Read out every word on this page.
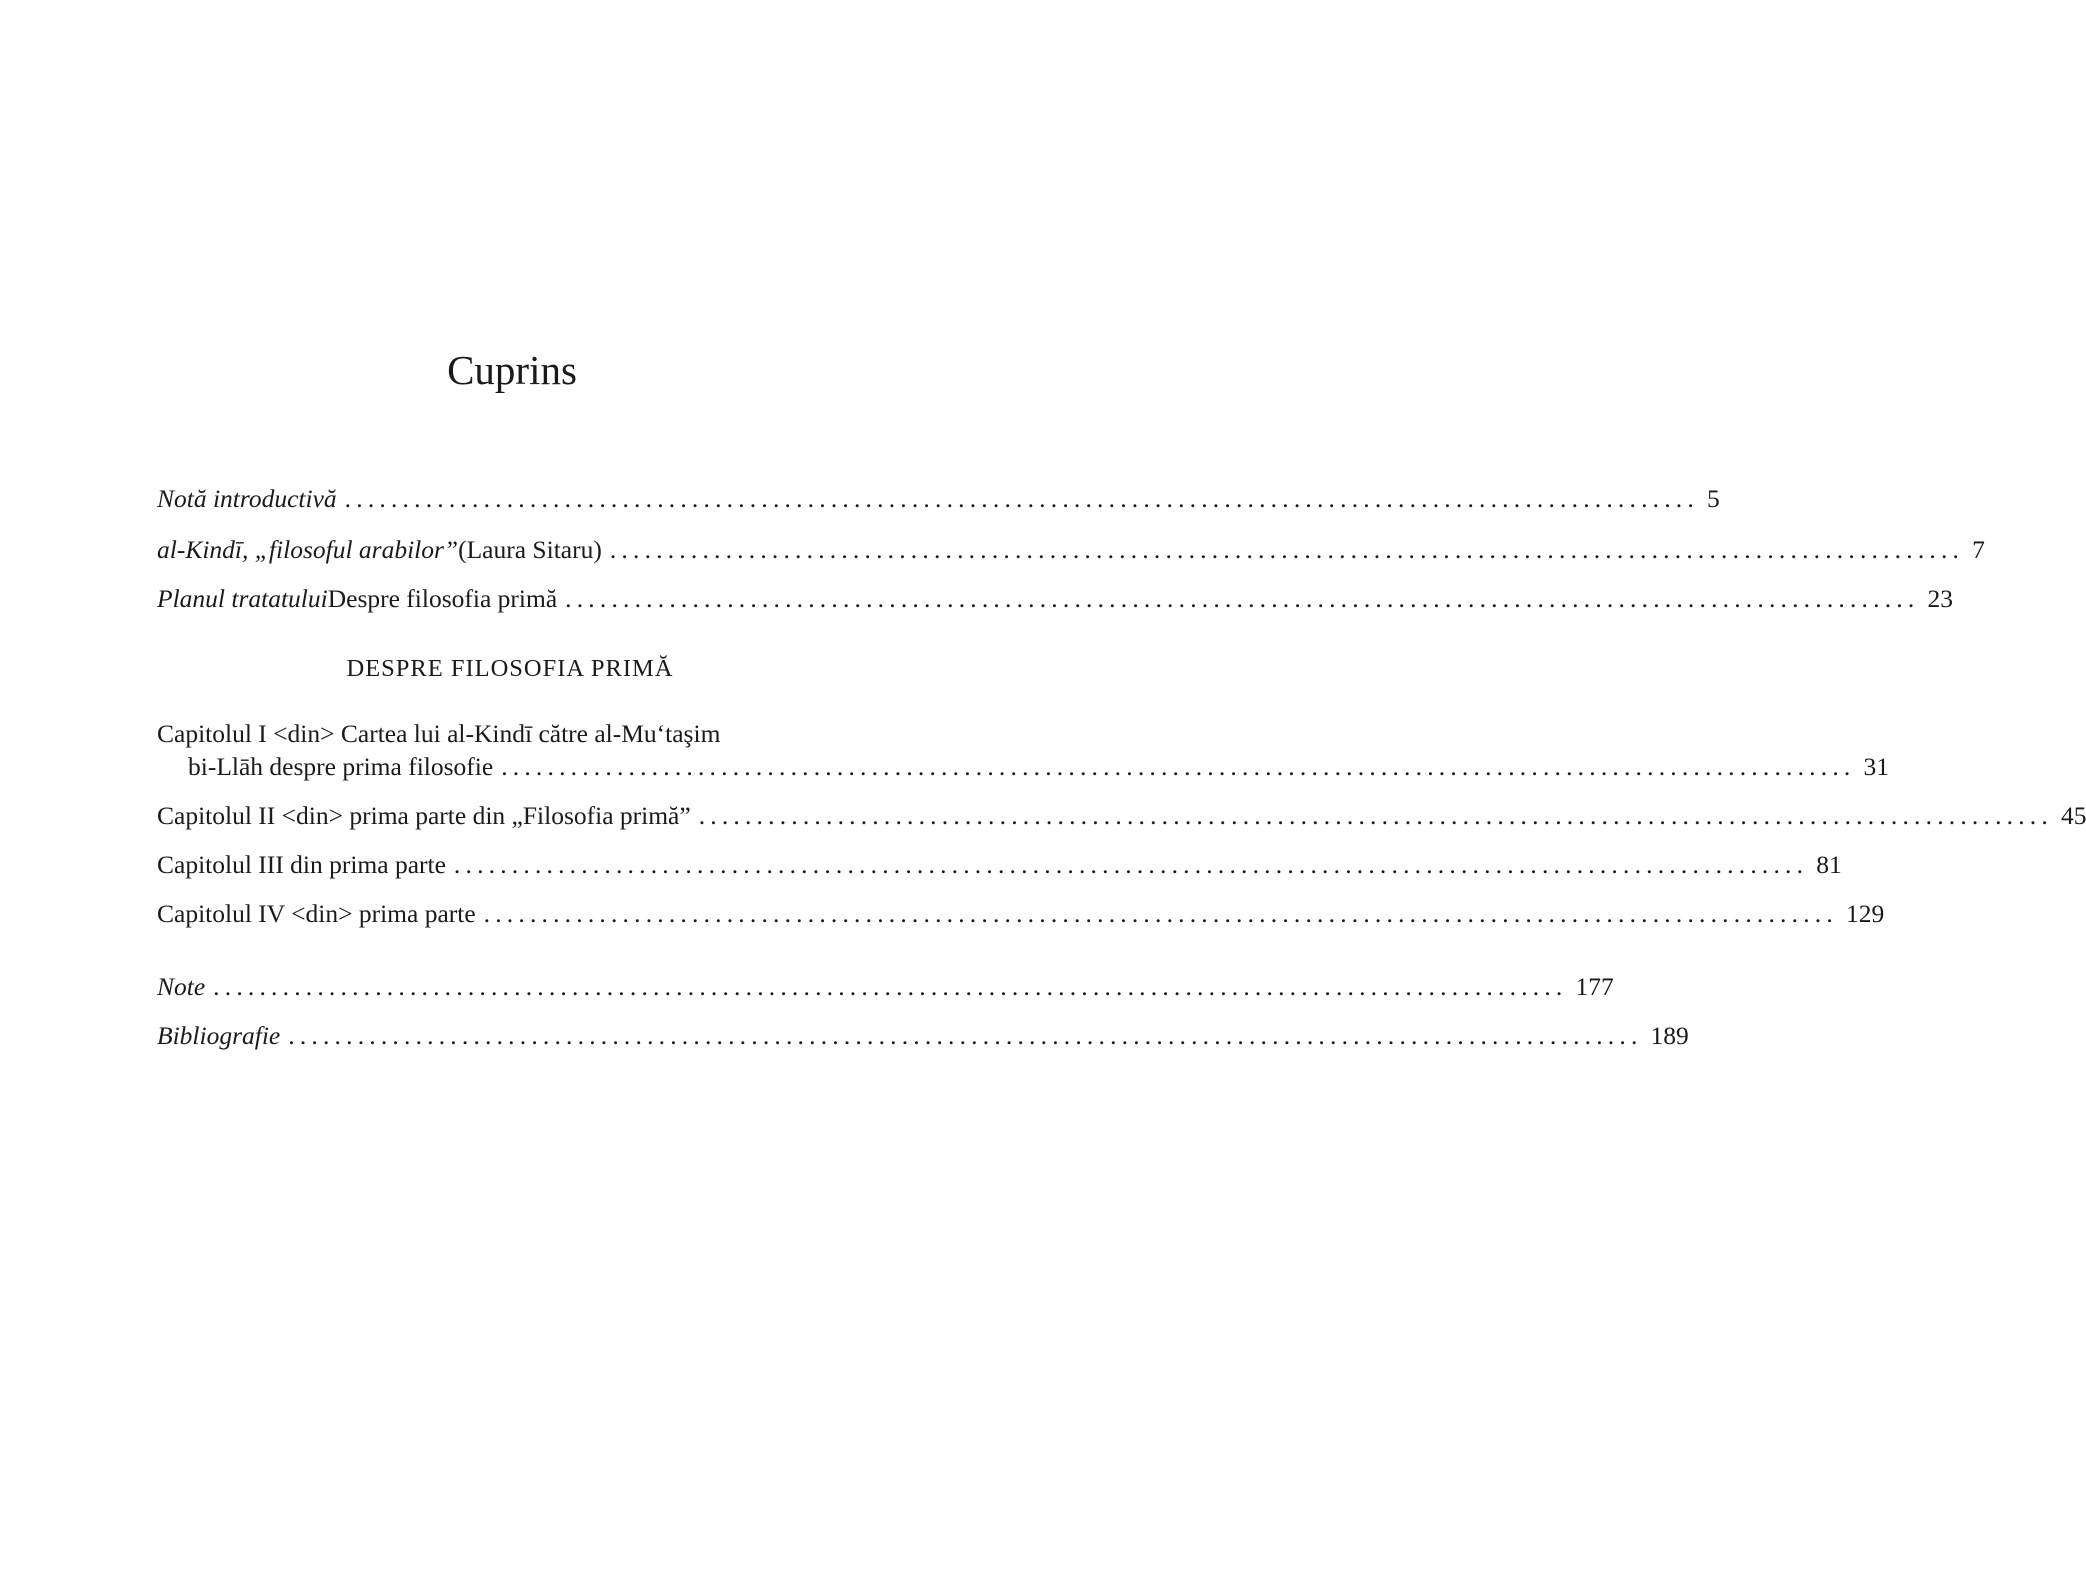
Cuprins
Notă introductivă ..................................................................................................................... 5
al-Kindī, „filosoful arabilor” (Laura Sitaru) ..................................................................................................................... 7
Planul tratatului Despre filosofia primă ..................................................................................................................... 23
DESPRE FILOSOFIA PRIMĂ
Capitolul I <din> Cartea lui al-Kindī către al-Mu‘taşim
bi-Llāh despre prima filosofie ..................................................................................................................... 31
Capitolul II <din> prima parte din „Filosofia primă” ..................................................................................................................... 45
Capitolul III din prima parte ..................................................................................................................... 81
Capitolul IV <din> prima parte ..................................................................................................................... 129
Note ..................................................................................................................... 177
Bibliografie ..................................................................................................................... 189
